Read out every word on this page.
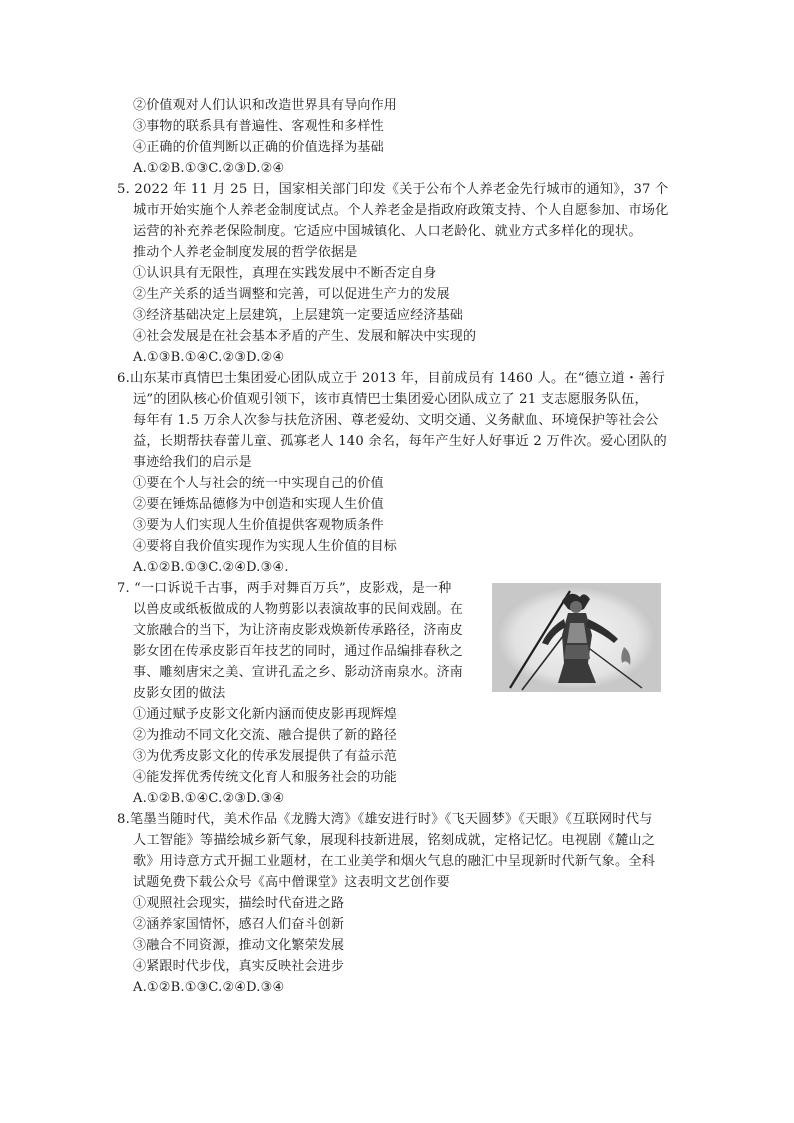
②价值观对人们认识和改造世界具有导向作用
③事物的联系具有普遍性、客观性和多样性
④正确的价值判断以正确的价值选择为基础
A.①②B.①③C.②③D.②④
5. 2022 年 11 月 25 日，国家相关部门印发《关于公布个人养老金先行城市的通知》，37 个
城市开始实施个人养老金制度试点。个人养老金是指政府政策支持、个人自愿参加、市场化
运营的补充养老保险制度。它适应中国城镇化、人口老龄化、就业方式多样化的现状。
推动个人养老金制度发展的哲学依据是
①认识具有无限性，真理在实践发展中不断否定自身
②生产关系的适当调整和完善，可以促进生产力的发展
③经济基础决定上层建筑，上层建筑一定要适应经济基础
④社会发展是在社会基本矛盾的产生、发展和解决中实现的
A.①③B.①④C.②③D.②④
6.山东某市真情巴士集团爱心团队成立于 2013 年，目前成员有 1460 人。在“德立道・善行
远”的团队核心价值观引领下，该市真情巴士集团爱心团队成立了 21 支志愿服务队伍，
每年有 1.5 万余人次参与扶危济困、尊老爱幼、文明交通、义务献血、环境保护等社会公
益，长期帮扶春蕾儿童、孤寡老人 140 余名，每年产生好人好事近 2 万件次。爱心团队的
事迹给我们的启示是
①要在个人与社会的统一中实现自己的价值
②要在锤炼品德修为中创造和实现人生价值
③要为人们实现人生价值提供客观物质条件
④要将自我价值实现作为实现人生价值的目标
A.①②B.①③C.②④D.③④.
7. “一口诉说千古事，两手对舞百万兵”，皮影戏，是一种
以兽皮或纸板做成的人物剪影以表演故事的民间戏剧。在
文旅融合的当下，为让济南皮影戏焕新传承路径，济南皮
影女团在传承皮影百年技艺的同时，通过作品编排春秋之
事、雕刻唐宋之美、宣讲孔孟之乡、影动济南泉水。济南
皮影女团的做法
①通过赋予皮影文化新内涵而使皮影再现辉煌
②为推动不同文化交流、融合提供了新的路径
③为优秀皮影文化的传承发展提供了有益示范
④能发挥优秀传统文化育人和服务社会的功能
A.①②B.①④C.②③D.③④
8.笔墨当随时代，美术作品《龙腾大湾》《雄安进行时》《飞天圆梦》《天眼》《互联网时代与
人工智能》等描绘城乡新气象，展现科技新进展，铭刻成就，定格记忆。电视剧《麓山之
歌》用诗意方式开掘工业题材，在工业美学和烟火气息的融汇中呈现新时代新气象。全科
试题免费下载公众号《高中僧课堂》这表明文艺创作要
①观照社会现实，描绘时代奋进之路
②涵养家国情怀，感召人们奋斗创新
③融合不同资源，推动文化繁荣发展
④紧跟时代步伐，真实反映社会进步
A.①②B.①③C.②④D.③④
